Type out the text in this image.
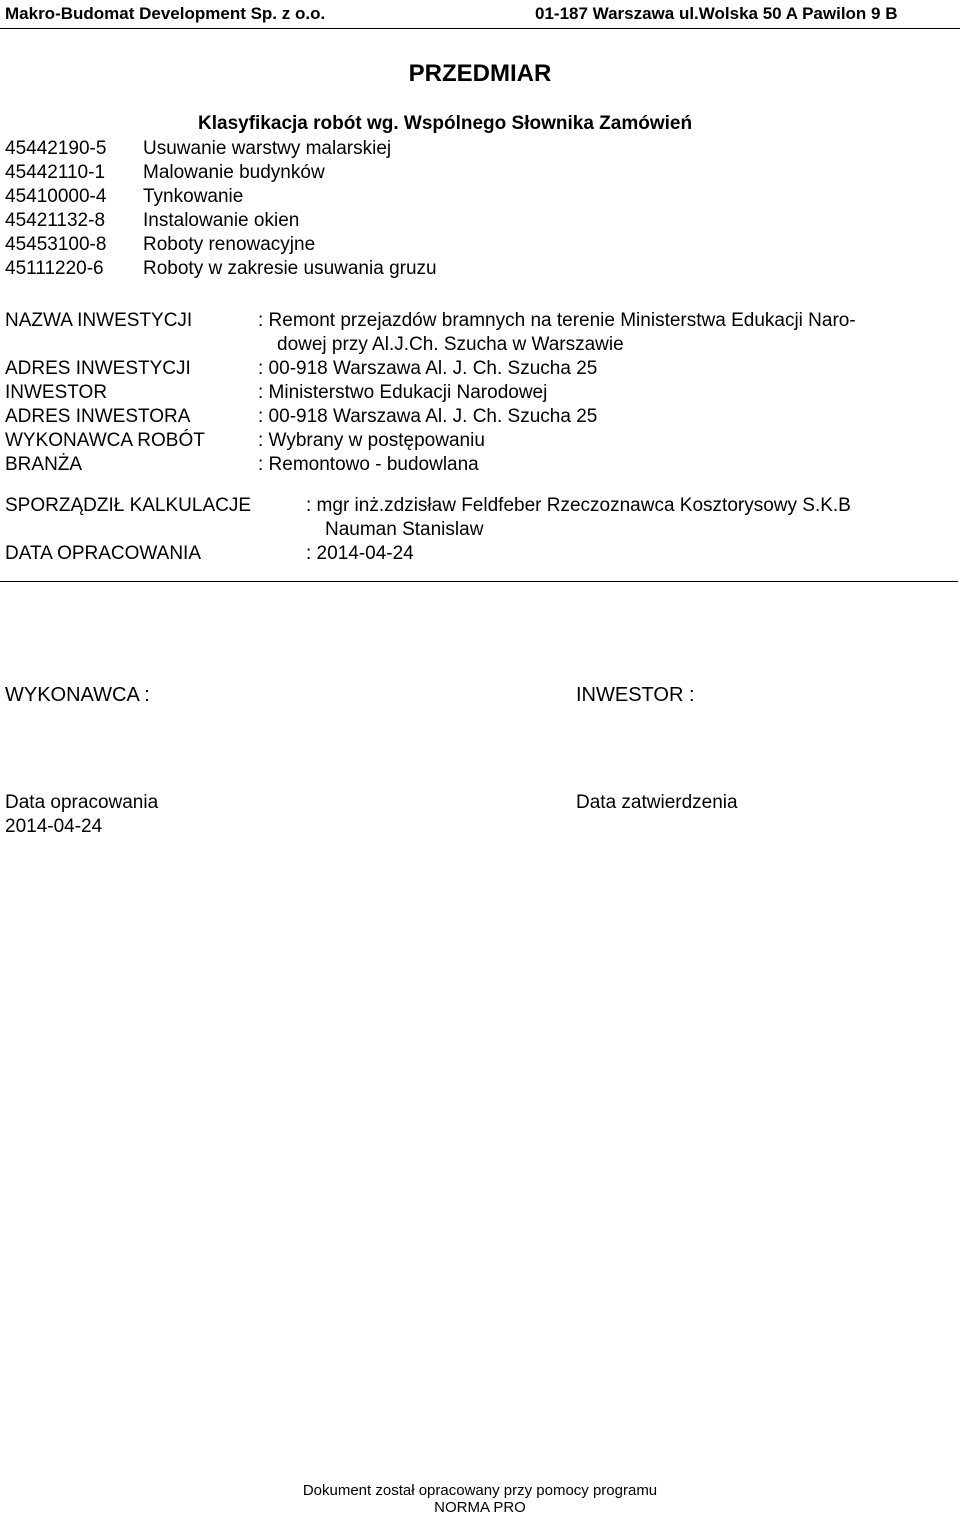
Makro-Budomat Development Sp. z o.o.	01-187 Warszawa ul.Wolska 50 A Pawilon 9 B
PRZEDMIAR
Klasyfikacja robót wg. Wspólnego Słownika Zamówień
45442190-5 Usuwanie warstwy malarskiej
45442110-1 Malowanie budynków
45410000-4 Tynkowanie
45421132-8 Instalowanie okien
45453100-8 Roboty renowacyjne
45111220-6 Roboty w zakresie usuwania gruzu
NAZWA INWESTYCJI	: Remont przejazdów bramnych na terenie Ministerstwa Edukacji Naro-
dowej przy Al.J.Ch. Szucha w Warszawie
ADRES INWESTYCJI	: 00-918 Warszawa Al. J. Ch. Szucha 25
INWESTOR	: Ministerstwo Edukacji Narodowej
ADRES INWESTORA	: 00-918 Warszawa Al. J. Ch. Szucha 25
WYKONAWCA ROBÓT	: Wybrany w postępowaniu
BRANŻA	: Remontowo - budowlana
SPORZĄDZIŁ KALKULACJE	: mgr inż.zdzisław Feldfeber Rzeczoznawca Kosztorysowy S.K.B
Nauman Stanislaw
DATA OPRACOWANIA	: 2014-04-24
WYKONAWCA :	INWESTOR :
Data opracowania
2014-04-24
Data zatwierdzenia
Dokument został opracowany przy pomocy programu
NORMA PRO
